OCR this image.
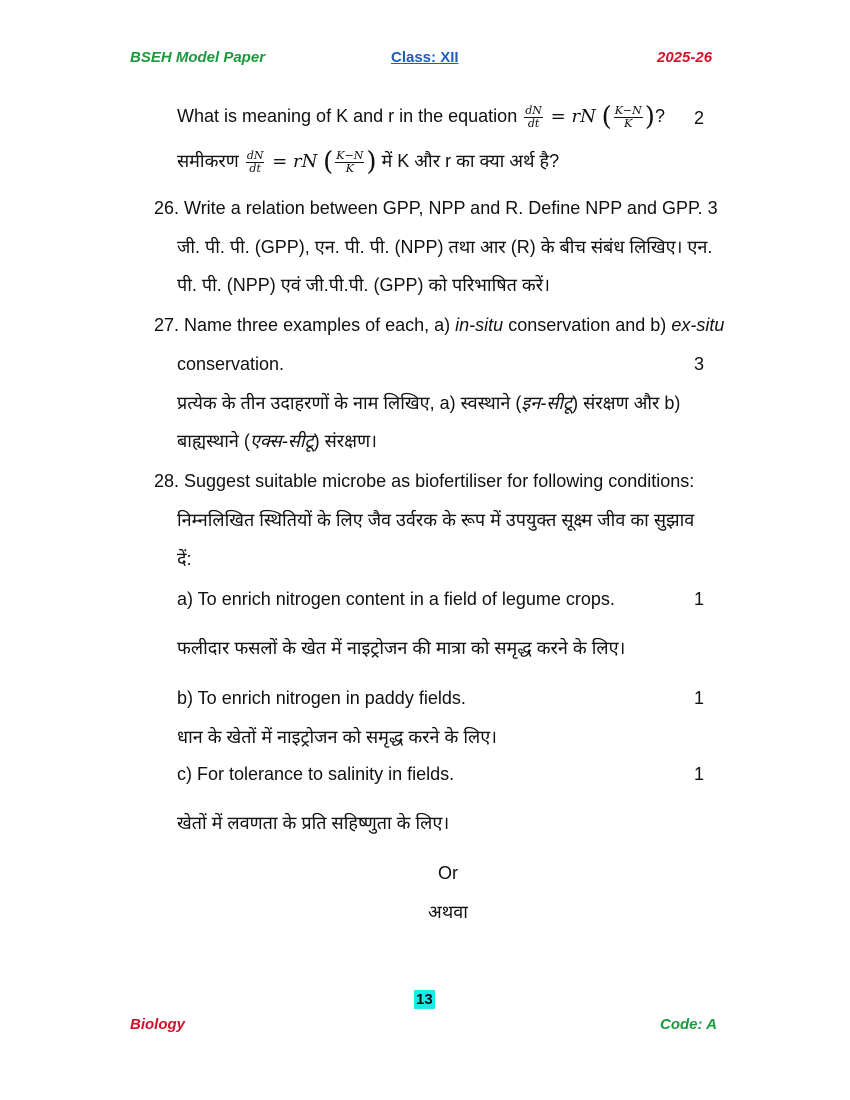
BSEH Model Paper	Class: XII	2025-26
What is meaning of K and r in the equation $\frac{dN}{dt}$ = rN ( $\frac{K-N}{K}$ )? 2
समीकरण $\frac{dN}{dt}$ = rN ( $\frac{K-N}{K}$ ) में K और r का क्या अर्थ है?
26. Write a relation between GPP, NPP and R. Define NPP and GPP. 3
जी. पी. पी. (GPP), एन. पी. पी. (NPP) तथा आर (R) के बीच संबंध लिखिए। एन.
पी. पी. (NPP) एवं जी.पी.पी. (GPP) को परिभाषित करें।
27. Name three examples of each, a) in-situ conservation and b) ex-situ
conservation.	3
प्रत्येक के तीन उदाहरणों के नाम लिखिए, a) स्वस्थाने (इन-सीटू) संरक्षण और b)
बाह्यस्थाने (एक्स-सीटू) संरक्षण।
28. Suggest suitable microbe as biofertiliser for following conditions:
निम्नलिखित स्थितियों के लिए जैव उर्वरक के रूप में उपयुक्त सूक्ष्म जीव का सुझाव
दें:
a) To enrich nitrogen content in a field of legume crops.	1
फलीदार फसलों के खेत में नाइट्रोजन की मात्रा को समृद्ध करने के लिए।
b) To enrich nitrogen in paddy fields.	1
धान के खेतों में नाइट्रोजन को समृद्ध करने के लिए।
c) For tolerance to salinity in fields.	1
खेतों में लवणता के प्रति सहिष्णुता के लिए।
Or
अथवा
13
Biology	Code: A
